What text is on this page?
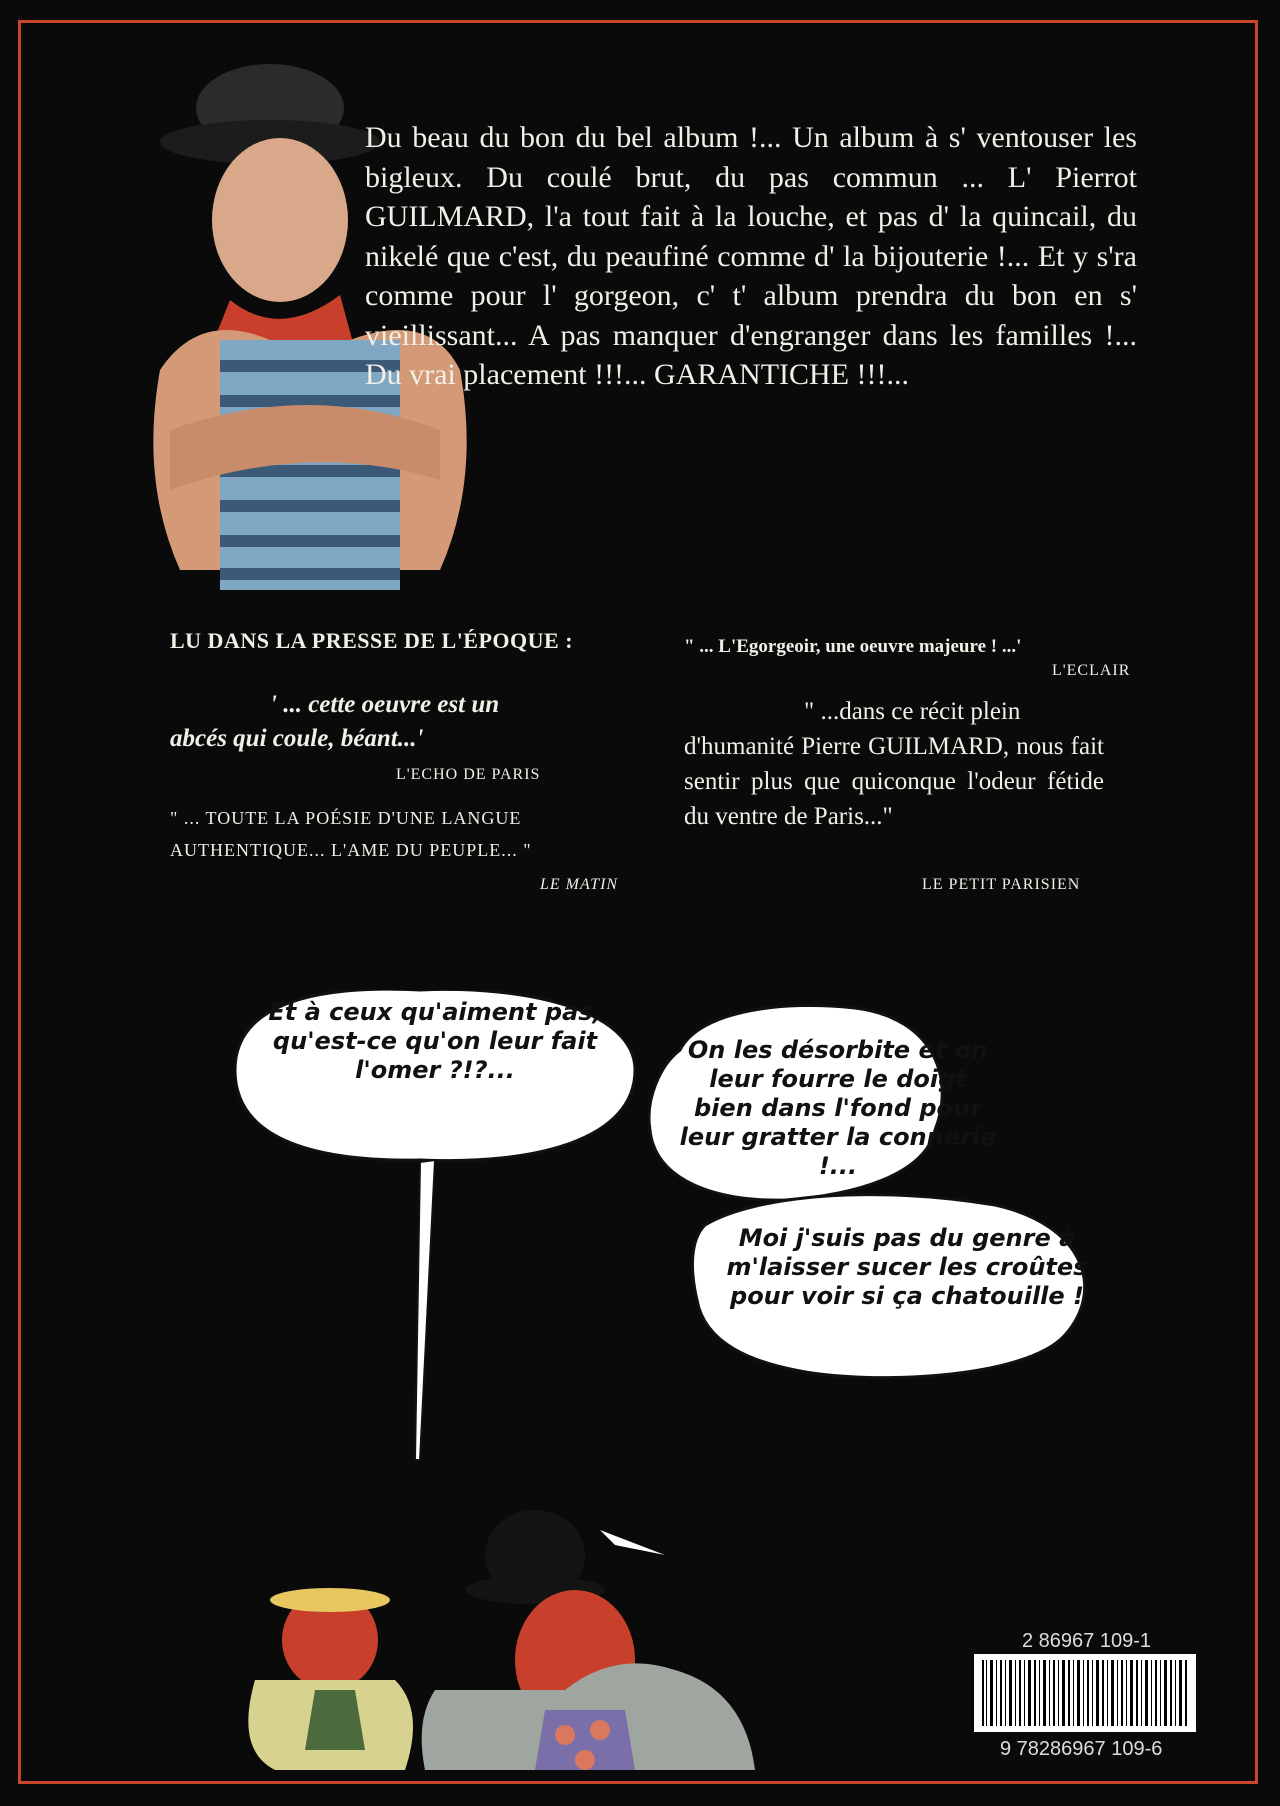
Du beau du bon du bel album !... Un album à s' ventouser les bigleux. Du coulé brut, du pas commun ... L' Pierrot GUILMARD, l'a tout fait à la louche, et pas d' la quincail, du nikelé que c'est, du peaufiné comme d' la bijouterie !... Et y s'ra comme pour l' gorgeon, c' t' album prendra du bon en s' vieillissant... A pas manquer d'engranger dans les familles !... Du vrai placement !!!... GARANTICHE !!!...

LU DANS LA PRESSE DE L'ÉPOQUE :
' ... cette oeuvre est un
abcés qui coule, béant...'
L'ECHO DE PARIS
" ... TOUTE LA POÉSIE D'UNE LANGUE
AUTHENTIQUE... L'AME DU PEUPLE... "
LE MATIN
" ... L'Egorgeoir, une oeuvre majeure ! ...'
L'ECLAIR
" ...dans ce récit plein
d'humanité Pierre GUILMARD, nous fait sentir plus que quiconque l'odeur fétide du ventre de Paris..."
LE PETIT PARISIEN
Et à ceux qu'aiment pas, qu'est-ce qu'on leur fait l'omer ?!?...
On les désorbite et on leur fourre le doigt bien dans l'fond pour leur gratter la connerie !...
Moi j'suis pas du genre à m'laisser sucer les croûtes pour voir si ça chatouille !
2 86967 109-1
9 78286967 109-6
